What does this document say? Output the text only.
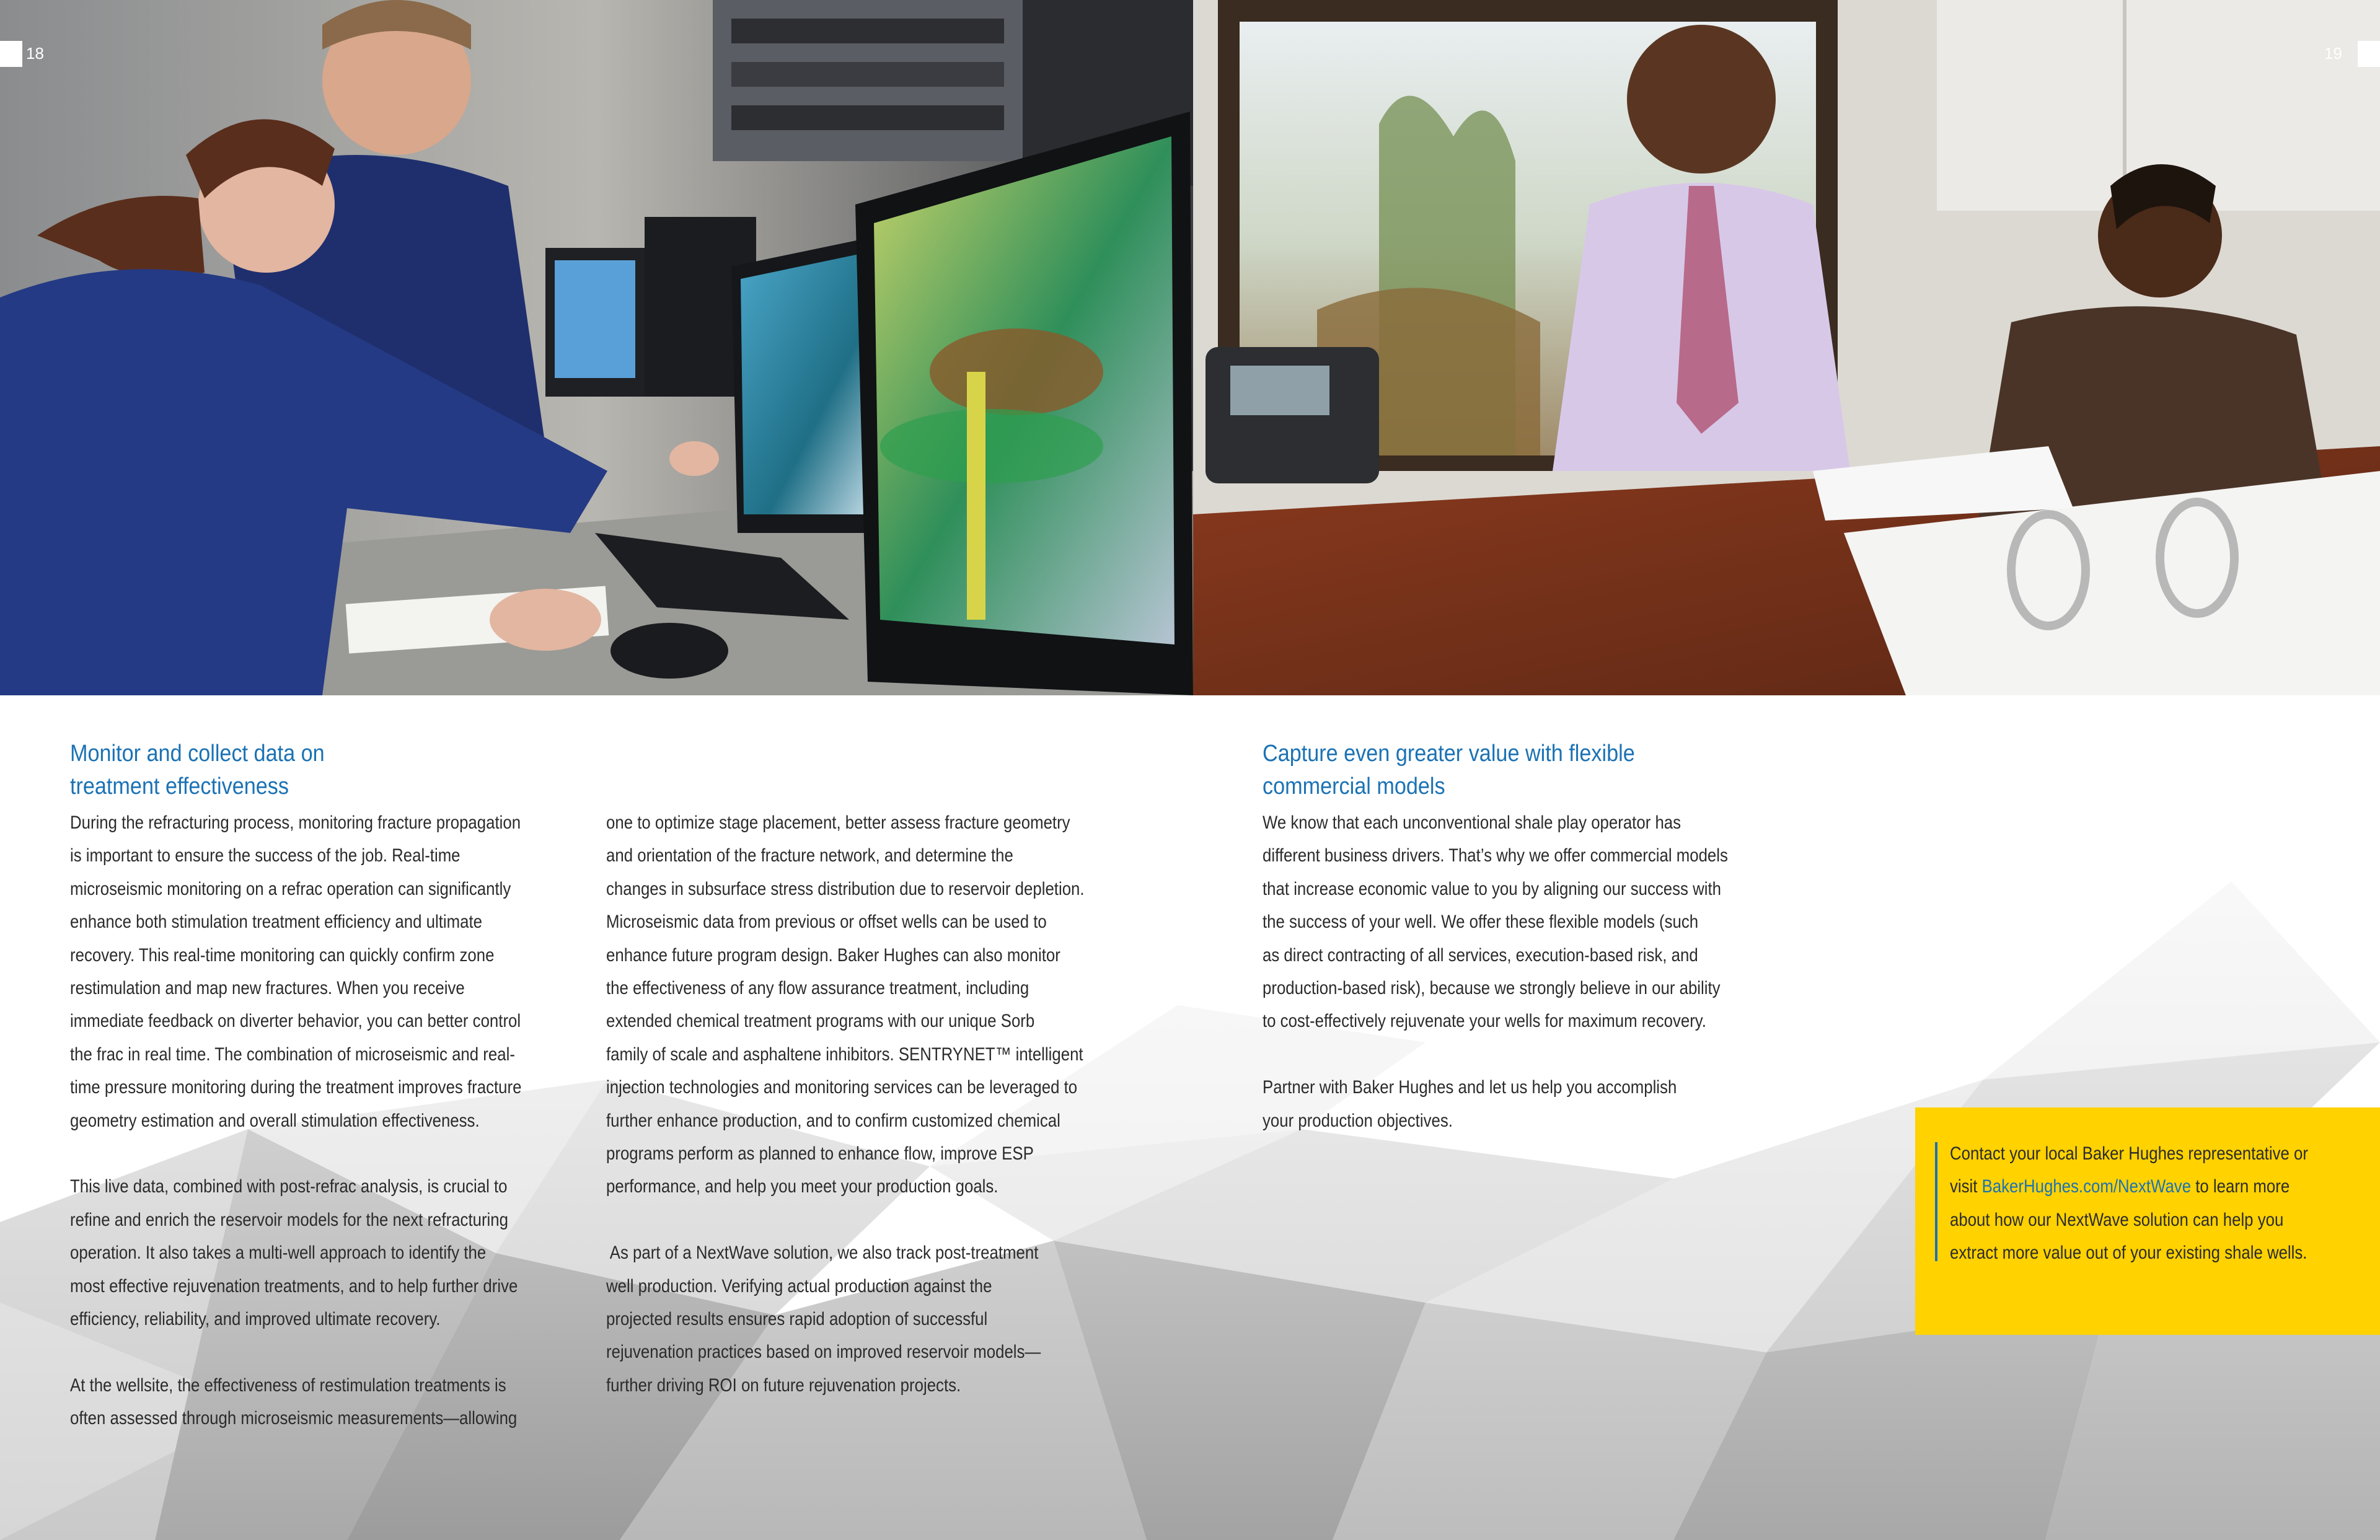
18	19
Monitor and collect data on
treatment effectiveness

During the refracturing process, monitoring fracture propagation
is important to ensure the success of the job. Real-time
microseismic monitoring on a refrac operation can significantly
enhance both stimulation treatment efficiency and ultimate
recovery. This real-time monitoring can quickly confirm zone
restimulation and map new fractures. When you receive
immediate feedback on diverter behavior, you can better control
the frac in real time. The combination of microseismic and real-
time pressure monitoring during the treatment improves fracture
geometry estimation and overall stimulation effectiveness.

This live data, combined with post-refrac analysis, is crucial to
refine and enrich the reservoir models for the next refracturing
operation. It also takes a multi-well approach to identify the
most effective rejuvenation treatments, and to help further drive
efficiency, reliability, and improved ultimate recovery.

At the wellsite, the effectiveness of restimulation treatments is
often assessed through microseismic measurements—allowing

one to optimize stage placement, better assess fracture geometry
and orientation of the fracture network, and determine the
changes in subsurface stress distribution due to reservoir depletion.
Microseismic data from previous or offset wells can be used to
enhance future program design. Baker Hughes can also monitor
the effectiveness of any flow assurance treatment, including
extended chemical treatment programs with our unique Sorb
family of scale and asphaltene inhibitors. SENTRYNET™ intelligent
injection technologies and monitoring services can be leveraged to
further enhance production, and to confirm customized chemical
programs perform as planned to enhance flow, improve ESP
performance, and help you meet your production goals.

As part of a NextWave solution, we also track post-treatment
well production. Verifying actual production against the
projected results ensures rapid adoption of successful
rejuvenation practices based on improved reservoir models—
further driving ROI on future rejuvenation projects.

Capture even greater value with flexible
commercial models

We know that each unconventional shale play operator has
different business drivers. That’s why we offer commercial models
that increase economic value to you by aligning our success with
the success of your well. We offer these flexible models (such
as direct contracting of all services, execution-based risk, and
production-based risk), because we strongly believe in our ability
to cost-effectively rejuvenate your wells for maximum recovery.

Partner with Baker Hughes and let us help you accomplish
your production objectives.

Contact your local Baker Hughes representative or
visit BakerHughes.com/NextWave to learn more
about how our NextWave solution can help you
extract more value out of your existing shale wells.
